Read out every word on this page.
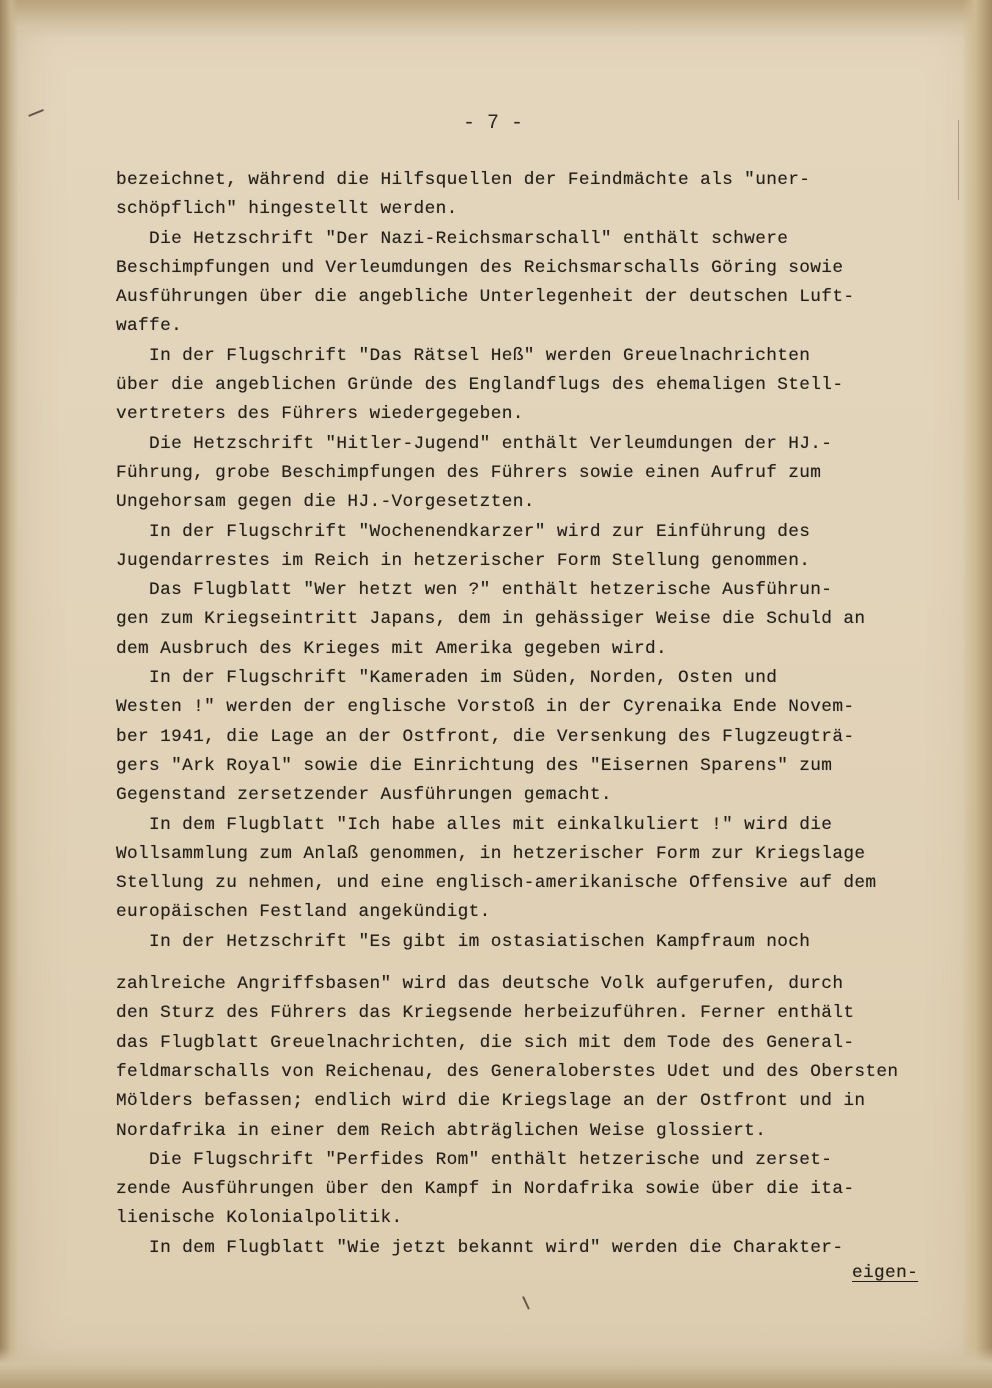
- 7 -
bezeichnet, während die Hilfsquellen der Feindmächte als "uner-
schöpflich" hingestellt werden.
Die Hetzschrift "Der Nazi-Reichsmarschall" enthält schwere
Beschimpfungen und Verleumdungen des Reichsmarschalls Göring sowie
Ausführungen über die angebliche Unterlegenheit der deutschen Luft-
waffe.
In der Flugschrift "Das Rätsel Heß" werden Greuelnachrichten
über die angeblichen Gründe des Englandflugs des ehemaligen Stell-
vertreters des Führers wiedergegeben.
Die Hetzschrift "Hitler-Jugend" enthält Verleumdungen der HJ.-
Führung, grobe Beschimpfungen des Führers sowie einen Aufruf zum
Ungehorsam gegen die HJ.-Vorgesetzten.
In der Flugschrift "Wochenendkarzer" wird zur Einführung des
Jugendarrestes im Reich in hetzerischer Form Stellung genommen.
Das Flugblatt "Wer hetzt wen ?" enthält hetzerische Ausführun-
gen zum Kriegseintritt Japans, dem in gehässiger Weise die Schuld an
dem Ausbruch des Krieges mit Amerika gegeben wird.
In der Flugschrift "Kameraden im Süden, Norden, Osten und
Westen !" werden der englische Vorstoß in der Cyrenaika Ende Novem-
ber 1941, die Lage an der Ostfront, die Versenkung des Flugzeugträ-
gers "Ark Royal" sowie die Einrichtung des "Eisernen Sparens" zum
Gegenstand zersetzender Ausführungen gemacht.
In dem Flugblatt "Ich habe alles mit einkalkuliert !" wird die
Wollsammlung zum Anlaß genommen, in hetzerischer Form zur Kriegslage
Stellung zu nehmen, und eine englisch-amerikanische Offensive auf dem
europäischen Festland angekündigt.
In der Hetzschrift "Es gibt im ostasiatischen Kampfraum noch
zahlreiche Angriffsbasen" wird das deutsche Volk aufgerufen, durch
den Sturz des Führers das Kriegsende herbeizuführen. Ferner enthält
das Flugblatt Greuelnachrichten, die sich mit dem Tode des General-
feldmarschalls von Reichenau, des Generaloberstes Udet und des Obersten
Mölders befassen; endlich wird die Kriegslage an der Ostfront und in
Nordafrika in einer dem Reich abträglichen Weise glossiert.
Die Flugschrift "Perfides Rom" enthält hetzerische und zerset-
zende Ausführungen über den Kampf in Nordafrika sowie über die ita-
lienische Kolonialpolitik.
In dem Flugblatt "Wie jetzt bekannt wird" werden die Charakter-
eigen-
